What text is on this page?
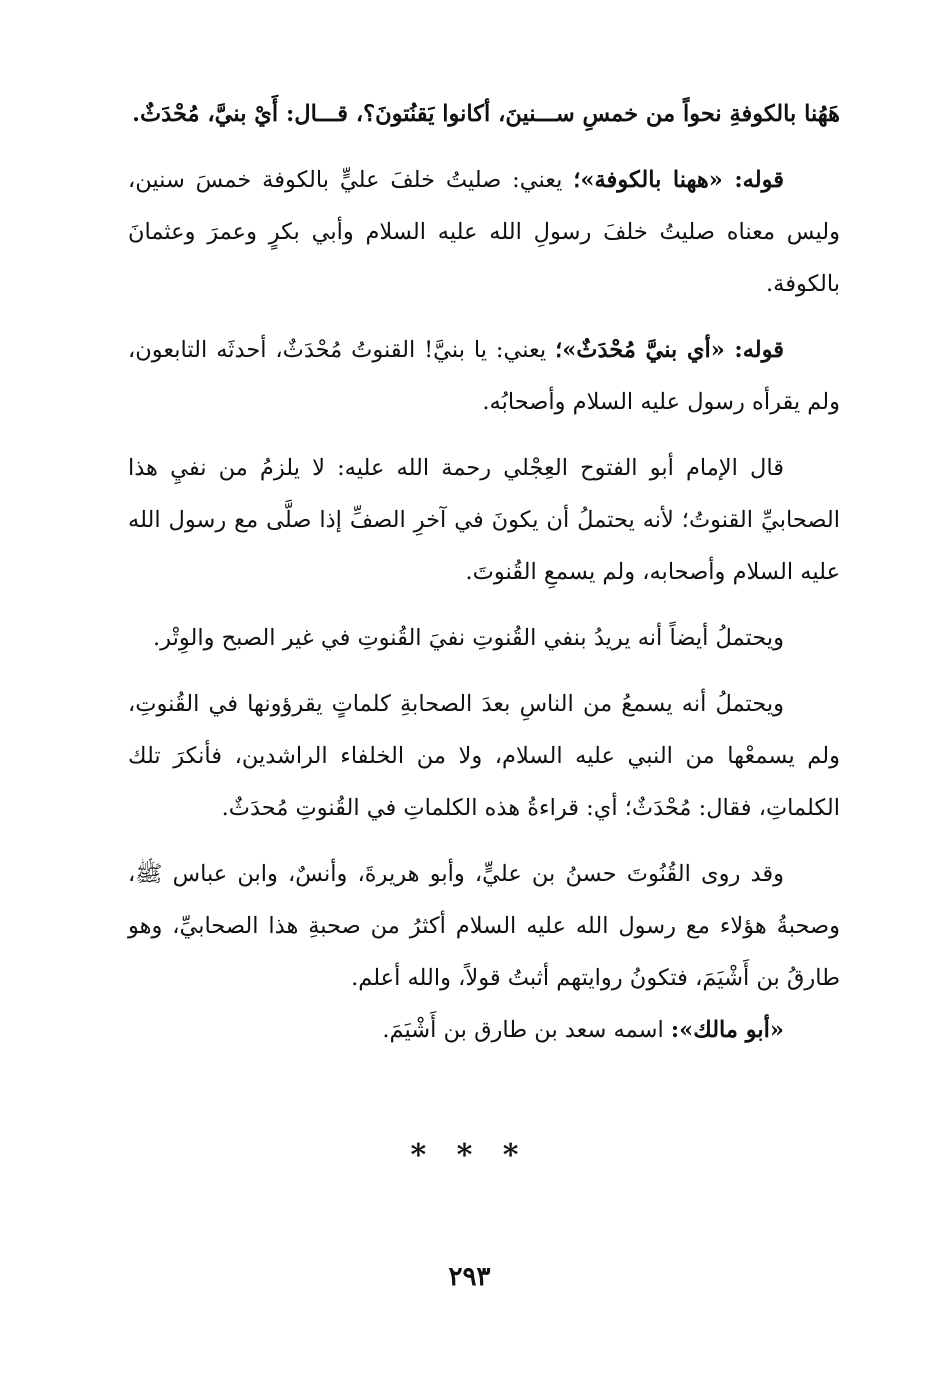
هَهُنا بالكوفةِ نحواً من خمسِ ســـنينَ، أكانوا يَقنُتونَ؟، قـــال: أَيْ بنيَّ، مُحْدَثٌ.

قوله: «ههنا بالكوفة»؛ يعني: صليتُ خلفَ عليٍّ بالكوفة خمسَ سنين، وليس معناه صليتُ خلفَ رسولِ الله عليه السلام وأبي بكرٍ وعمرَ وعثمانَ بالكوفة.

قوله: «أي بنيَّ مُحْدَثٌ»؛ يعني: يا بنيَّ! القنوتُ مُحْدَثٌ، أحدثَه التابعون، ولم يقرأه رسول عليه السلام وأصحابُه.

قال الإمام أبو الفتوح العِجْلي رحمة الله عليه: لا يلزمُ من نفيِ هذا الصحابيِّ القنوتُ؛ لأنه يحتملُ أن يكونَ في آخرِ الصفِّ إذا صلَّى مع رسول الله عليه السلام وأصحابه، ولم يسمعِ القُنوتَ.

ويحتملُ أيضاً أنه يريدُ بنفي القُنوتِ نفيَ القُنوتِ في غير الصبح والوِتْر.

ويحتملُ أنه يسمعُ من الناسِ بعدَ الصحابةِ كلماتٍ يقرؤونها في القُنوتِ، ولم يسمعْها من النبي عليه السلام، ولا من الخلفاء الراشدين، فأنكرَ تلك الكلماتِ، فقال: مُحْدَثٌ؛ أي: قراءةُ هذه الكلماتِ في القُنوتِ مُحدَثٌ.

وقد روى القُنُوتَ حسنُ بن عليٍّ، وأبو هريرةَ، وأنسٌ، وابن عباس ﷺ، وصحبةُ هؤلاء مع رسول الله عليه السلام أكثرُ من صحبةِ هذا الصحابيِّ، وهو طارقُ بن أَشْيَمَ، فتكونُ روايتهم أثبتُ قولاً، والله أعلم.

«أبو مالك»: اسمه سعد بن طارق بن أَشْيَمَ.

* * *
٢٩٣
